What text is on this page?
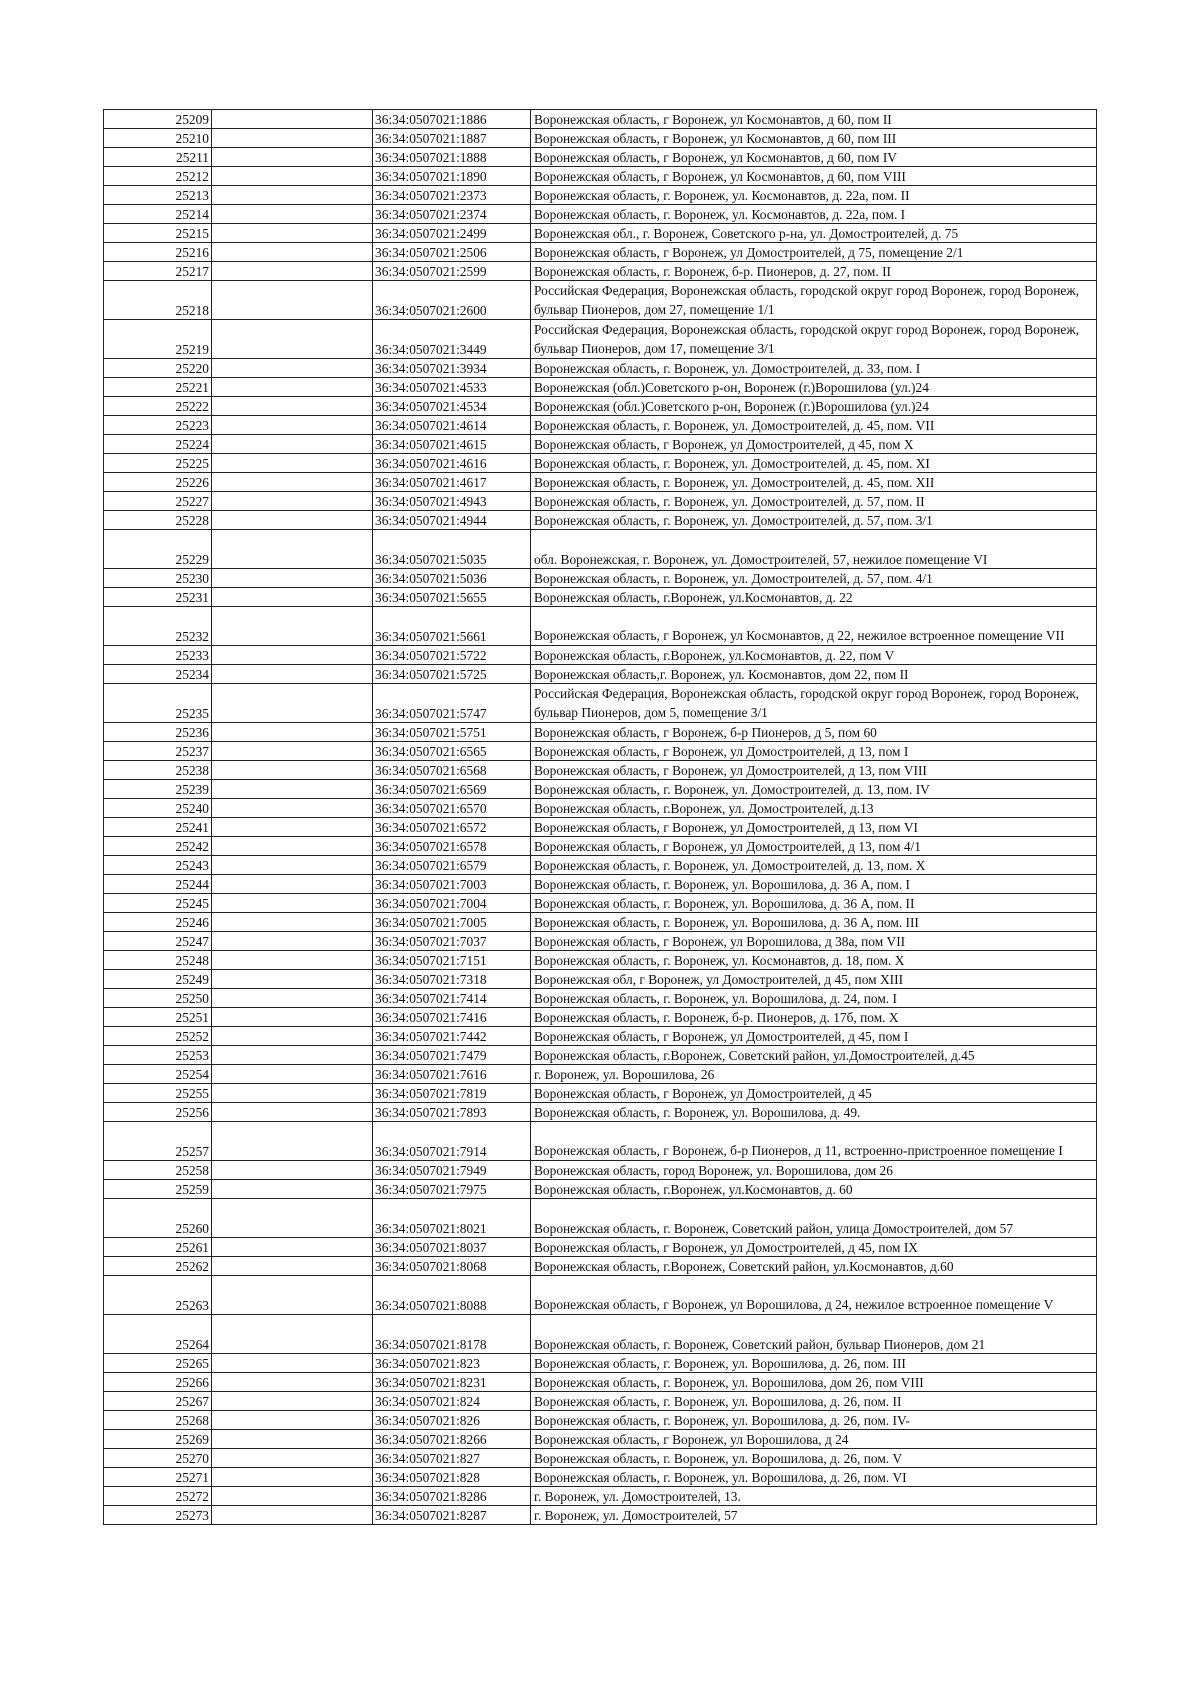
25209		36:34:0507021:1886	Воронежская область, г Воронеж, ул Космонавтов, д 60, пом II
25210		36:34:0507021:1887	Воронежская область, г Воронеж, ул Космонавтов, д 60, пом III
25211		36:34:0507021:1888	Воронежская область, г Воронеж, ул Космонавтов, д 60, пом IV
25212		36:34:0507021:1890	Воронежская область, г Воронеж, ул Космонавтов, д 60, пом VIII
25213		36:34:0507021:2373	Воронежская область, г. Воронеж, ул. Космонавтов, д. 22а, пом. II
25214		36:34:0507021:2374	Воронежская область, г. Воронеж, ул. Космонавтов, д. 22а, пом. I
25215		36:34:0507021:2499	Воронежская обл., г. Воронеж, Советского р-на, ул. Домостроителей, д. 75
25216		36:34:0507021:2506	Воронежская область, г Воронеж, ул Домостроителей, д 75, помещение 2/1
25217		36:34:0507021:2599	Воронежская область, г. Воронеж, б-р. Пионеров, д. 27, пом. II
25218		36:34:0507021:2600	Российская Федерация, Воронежская область, городской округ город Воронеж, город Воронеж, бульвар Пионеров, дом 27, помещение 1/1
25219		36:34:0507021:3449	Российская Федерация, Воронежская область, городской округ город Воронеж, город Воронеж, бульвар Пионеров, дом 17, помещение 3/1
25220		36:34:0507021:3934	Воронежская область, г. Воронеж, ул. Домостроителей, д. 33, пом. I
25221		36:34:0507021:4533	Воронежская (обл.)Советского р-он, Воронеж (г.)Ворошилова (ул.)24
25222		36:34:0507021:4534	Воронежская (обл.)Советского р-он, Воронеж (г.)Ворошилова (ул.)24
25223		36:34:0507021:4614	Воронежская область, г. Воронеж, ул. Домостроителей, д. 45, пом. VII
25224		36:34:0507021:4615	Воронежская область, г Воронеж, ул Домостроителей, д 45, пом X
25225		36:34:0507021:4616	Воронежская область, г. Воронеж, ул. Домостроителей, д. 45, пом. XI
25226		36:34:0507021:4617	Воронежская область, г. Воронеж, ул. Домостроителей, д. 45, пом. XII
25227		36:34:0507021:4943	Воронежская область, г. Воронеж, ул. Домостроителей, д. 57, пом. II
25228		36:34:0507021:4944	Воронежская область, г. Воронеж, ул. Домостроителей, д. 57, пом. 3/1
25229		36:34:0507021:5035	обл. Воронежская, г. Воронеж, ул. Домостроителей, 57, нежилое помещение VI
25230		36:34:0507021:5036	Воронежская область, г. Воронеж, ул. Домостроителей, д. 57, пом. 4/1
25231		36:34:0507021:5655	Воронежская область, г.Воронеж, ул.Космонавтов, д. 22
25232		36:34:0507021:5661	Воронежская область, г Воронеж, ул Космонавтов, д 22, нежилое встроенное помещение VII
25233		36:34:0507021:5722	Воронежская область, г.Воронеж, ул.Космонавтов, д. 22, пом V
25234		36:34:0507021:5725	Воронежская область,г. Воронеж, ул. Космонавтов, дом 22, пом II
25235		36:34:0507021:5747	Российская Федерация, Воронежская область, городской округ город Воронеж, город Воронеж, бульвар Пионеров, дом 5, помещение 3/1
25236		36:34:0507021:5751	Воронежская область, г Воронеж, б-р Пионеров, д 5, пом 60
25237		36:34:0507021:6565	Воронежская область, г Воронеж, ул Домостроителей, д 13, пом I
25238		36:34:0507021:6568	Воронежская область, г Воронеж, ул Домостроителей, д 13, пом VIII
25239		36:34:0507021:6569	Воронежская область, г. Воронеж, ул. Домостроителей, д. 13, пом. IV
25240		36:34:0507021:6570	Воронежская область, г.Воронеж, ул. Домостроителей, д.13
25241		36:34:0507021:6572	Воронежская область, г Воронеж, ул Домостроителей, д 13, пом VI
25242		36:34:0507021:6578	Воронежская область, г Воронеж, ул Домостроителей, д 13, пом 4/1
25243		36:34:0507021:6579	Воронежская область, г. Воронеж, ул. Домостроителей, д. 13, пом. X
25244		36:34:0507021:7003	Воронежская область, г. Воронеж, ул. Ворошилова, д. 36 А, пом. I
25245		36:34:0507021:7004	Воронежская область, г. Воронеж, ул. Ворошилова, д. 36 А, пом. II
25246		36:34:0507021:7005	Воронежская область, г. Воронеж, ул. Ворошилова, д. 36 А, пом. III
25247		36:34:0507021:7037	Воронежская область, г Воронеж, ул Ворошилова, д 38а, пом VII
25248		36:34:0507021:7151	Воронежская область, г. Воронеж, ул. Космонавтов, д. 18, пом. X
25249		36:34:0507021:7318	Воронежская обл, г Воронеж, ул Домостроителей, д 45, пом XIII
25250		36:34:0507021:7414	Воронежская область, г. Воронеж, ул. Ворошилова, д. 24, пом. I
25251		36:34:0507021:7416	Воронежская область, г. Воронеж, б-р. Пионеров, д. 17б, пом. X
25252		36:34:0507021:7442	Воронежская область, г Воронеж, ул Домостроителей, д 45, пом I
25253		36:34:0507021:7479	Воронежская область, г.Воронеж, Советский район, ул.Домостроителей, д.45
25254		36:34:0507021:7616	г. Воронеж, ул. Ворошилова, 26
25255		36:34:0507021:7819	Воронежская область, г Воронеж, ул Домостроителей, д 45
25256		36:34:0507021:7893	Воронежская область, г. Воронеж, ул. Ворошилова, д. 49.
25257		36:34:0507021:7914	Воронежская область, г Воронеж, б-р Пионеров, д 11, встроенно-пристроенное помещение I
25258		36:34:0507021:7949	Воронежская область, город Воронеж, ул. Ворошилова, дом 26
25259		36:34:0507021:7975	Воронежская область, г.Воронеж, ул.Космонавтов, д. 60
25260		36:34:0507021:8021	Воронежская область, г. Воронеж, Советский район, улица Домостроителей, дом 57
25261		36:34:0507021:8037	Воронежская область, г Воронеж, ул Домостроителей, д 45, пом IX
25262		36:34:0507021:8068	Воронежская область, г.Воронеж, Советский район, ул.Космонавтов, д.60
25263		36:34:0507021:8088	Воронежская область, г Воронеж, ул Ворошилова, д 24, нежилое встроенное помещение V
25264		36:34:0507021:8178	Воронежская область, г. Воронеж, Советский район, бульвар Пионеров, дом 21
25265		36:34:0507021:823	Воронежская область, г. Воронеж, ул. Ворошилова, д. 26, пом. III
25266		36:34:0507021:8231	Воронежская область, г. Воронеж, ул. Ворошилова, дом 26, пом VIII
25267		36:34:0507021:824	Воронежская область, г. Воронеж, ул. Ворошилова, д. 26, пом. II
25268		36:34:0507021:826	Воронежская область, г. Воронеж, ул. Ворошилова, д. 26, пом. IV-
25269		36:34:0507021:8266	Воронежская область, г Воронеж, ул Ворошилова, д 24
25270		36:34:0507021:827	Воронежская область, г. Воронеж, ул. Ворошилова, д. 26, пом. V
25271		36:34:0507021:828	Воронежская область, г. Воронеж, ул. Ворошилова, д. 26, пом. VI
25272		36:34:0507021:8286	г. Воронеж, ул. Домостроителей, 13.
25273		36:34:0507021:8287	г. Воронеж, ул. Домостроителей, 57
